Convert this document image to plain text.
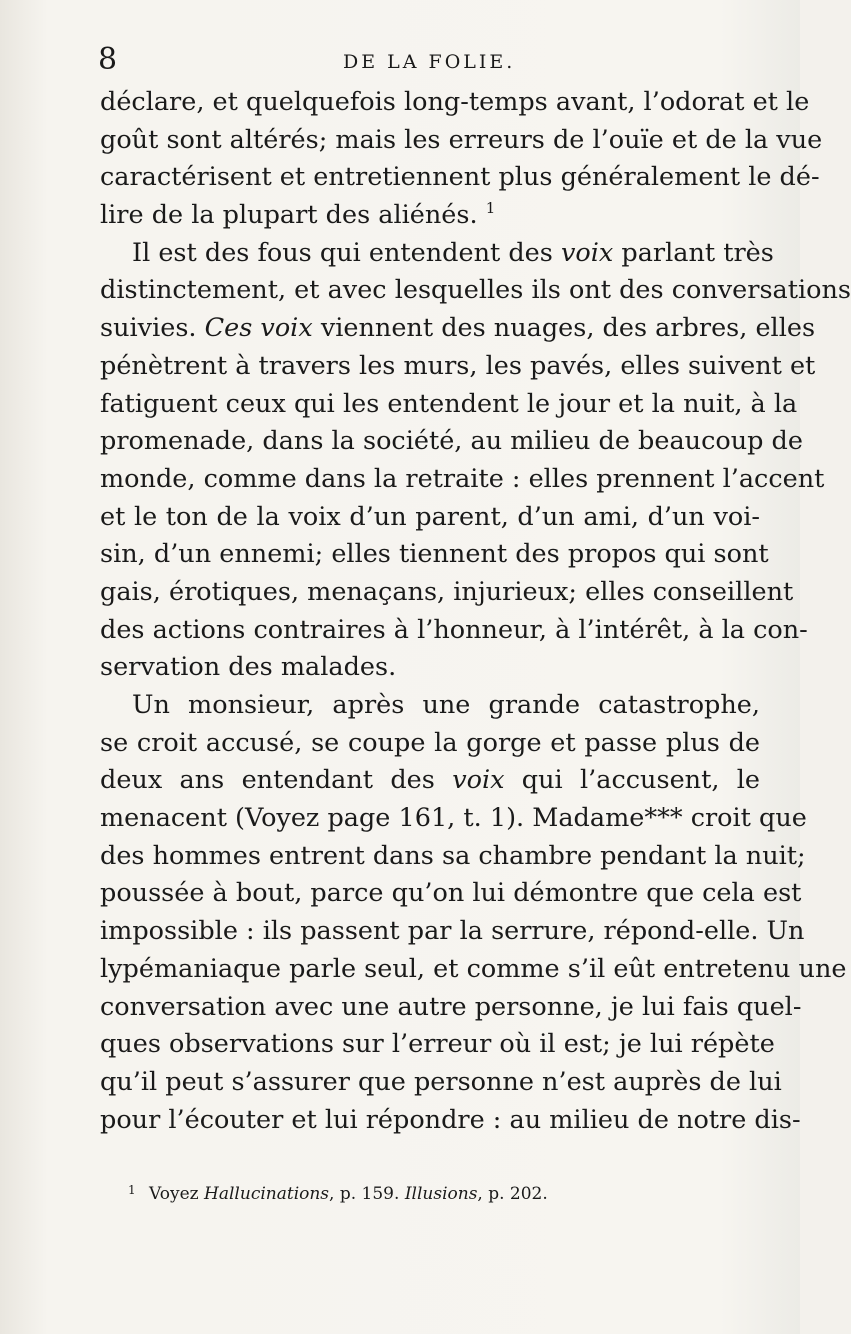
8	DE LA FOLIE.
déclare, et quelquefois long-temps avant, l’odorat et le
goût sont altérés; mais les erreurs de l’ouïe et de la vue
caractérisent et entretiennent plus généralement le dé-
lire de la plupart des aliénés. $^1$
Il est des fous qui entendent des voix parlant très
distinctement, et avec lesquelles ils ont des conversations
suivies. Ces voix viennent des nuages, des arbres, elles
pénètrent à travers les murs, les pavés, elles suivent et
fatiguent ceux qui les entendent le jour et la nuit, à la
promenade, dans la société, au milieu de beaucoup de
monde, comme dans la retraite : elles prennent l’accent
et le ton de la voix d’un parent, d’un ami, d’un voi-
sin, d’un ennemi; elles tiennent des propos qui sont
gais, érotiques, menaçans, injurieux; elles conseillent
des actions contraires à l’honneur, à l’intérêt, à la con-
servation des malades.
Un monsieur, après une grande catastrophe,
se croit accusé, se coupe la gorge et passe plus de
deux ans entendant des voix qui l’accusent, le
menacent (Voyez page 161, t. 1). Madame*** croit que
des hommes entrent dans sa chambre pendant la nuit;
poussée à bout, parce qu’on lui démontre que cela est
impossible : ils passent par la serrure, répond-elle. Un
lypémaniaque parle seul, et comme s’il eût entretenu une
conversation avec une autre personne, je lui fais quel-
ques observations sur l’erreur où il est; je lui répète
qu’il peut s’assurer que personne n’est auprès de lui
pour l’écouter et lui répondre : au milieu de notre dis-
$^1$ Voyez Hallucinations, p. 159. Illusions, p. 202.
